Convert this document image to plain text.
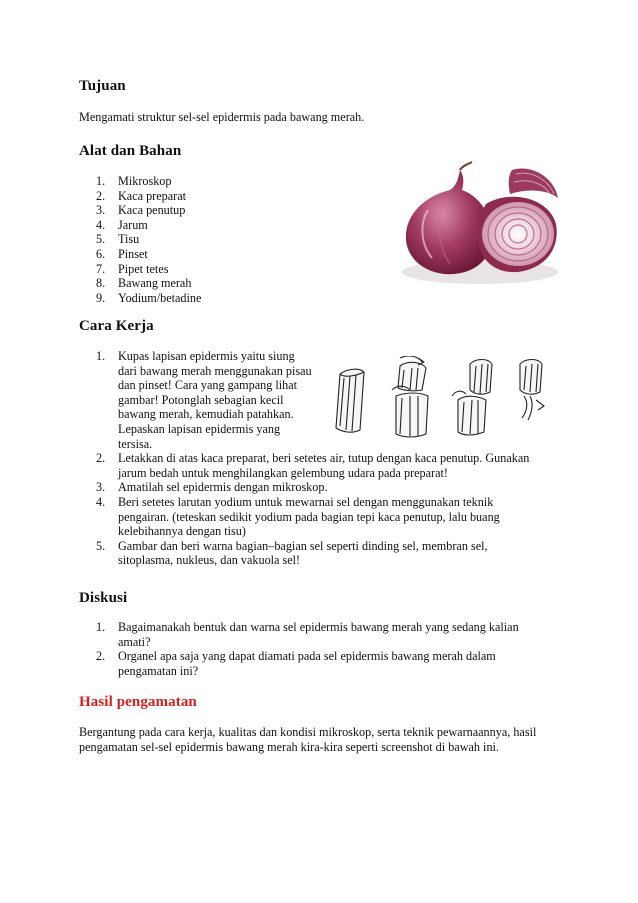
Tujuan

Mengamati struktur sel-sel epidermis pada bawang merah.

Alat dan Bahan
1. Mikroskop
2. Kaca preparat
3. Kaca penutup
4. Jarum
5. Tisu
6. Pinset
7. Pipet tetes
8. Bawang merah
9. Yodium/betadine
Cara Kerja
1. Kupas lapisan epidermis yaitu siung
dari bawang merah menggunakan pisau
dan pinset! Cara yang gampang lihat
gambar! Potonglah sebagian kecil
bawang merah, kemudiah patahkan.
Lepaskan lapisan epidermis yang
tersisa.
2. Letakkan di atas kaca preparat, beri setetes air, tutup dengan kaca penutup. Gunakan
jarum bedah untuk menghilangkan gelembung udara pada preparat!
3. Amatilah sel epidermis dengan mikroskop.
4. Beri setetes larutan yodium untuk mewarnai sel dengan menggunakan teknik
pengairan. (teteskan sedikit yodium pada bagian tepi kaca penutup, lalu buang
kelebihannya dengan tisu)
5. Gambar dan beri warna bagian–bagian sel seperti dinding sel, membran sel,
sitoplasma, nukleus, dan vakuola sel!
Diskusi
1. Bagaimanakah bentuk dan warna sel epidermis bawang merah yang sedang kalian
amati?
2. Organel apa saja yang dapat diamati pada sel epidermis bawang merah dalam
pengamatan ini?
Hasil pengamatan

Bergantung pada cara kerja, kualitas dan kondisi mikroskop, serta teknik pewarnaannya, hasil
pengamatan sel-sel epidermis bawang merah kira-kira seperti screenshot di bawah ini.
